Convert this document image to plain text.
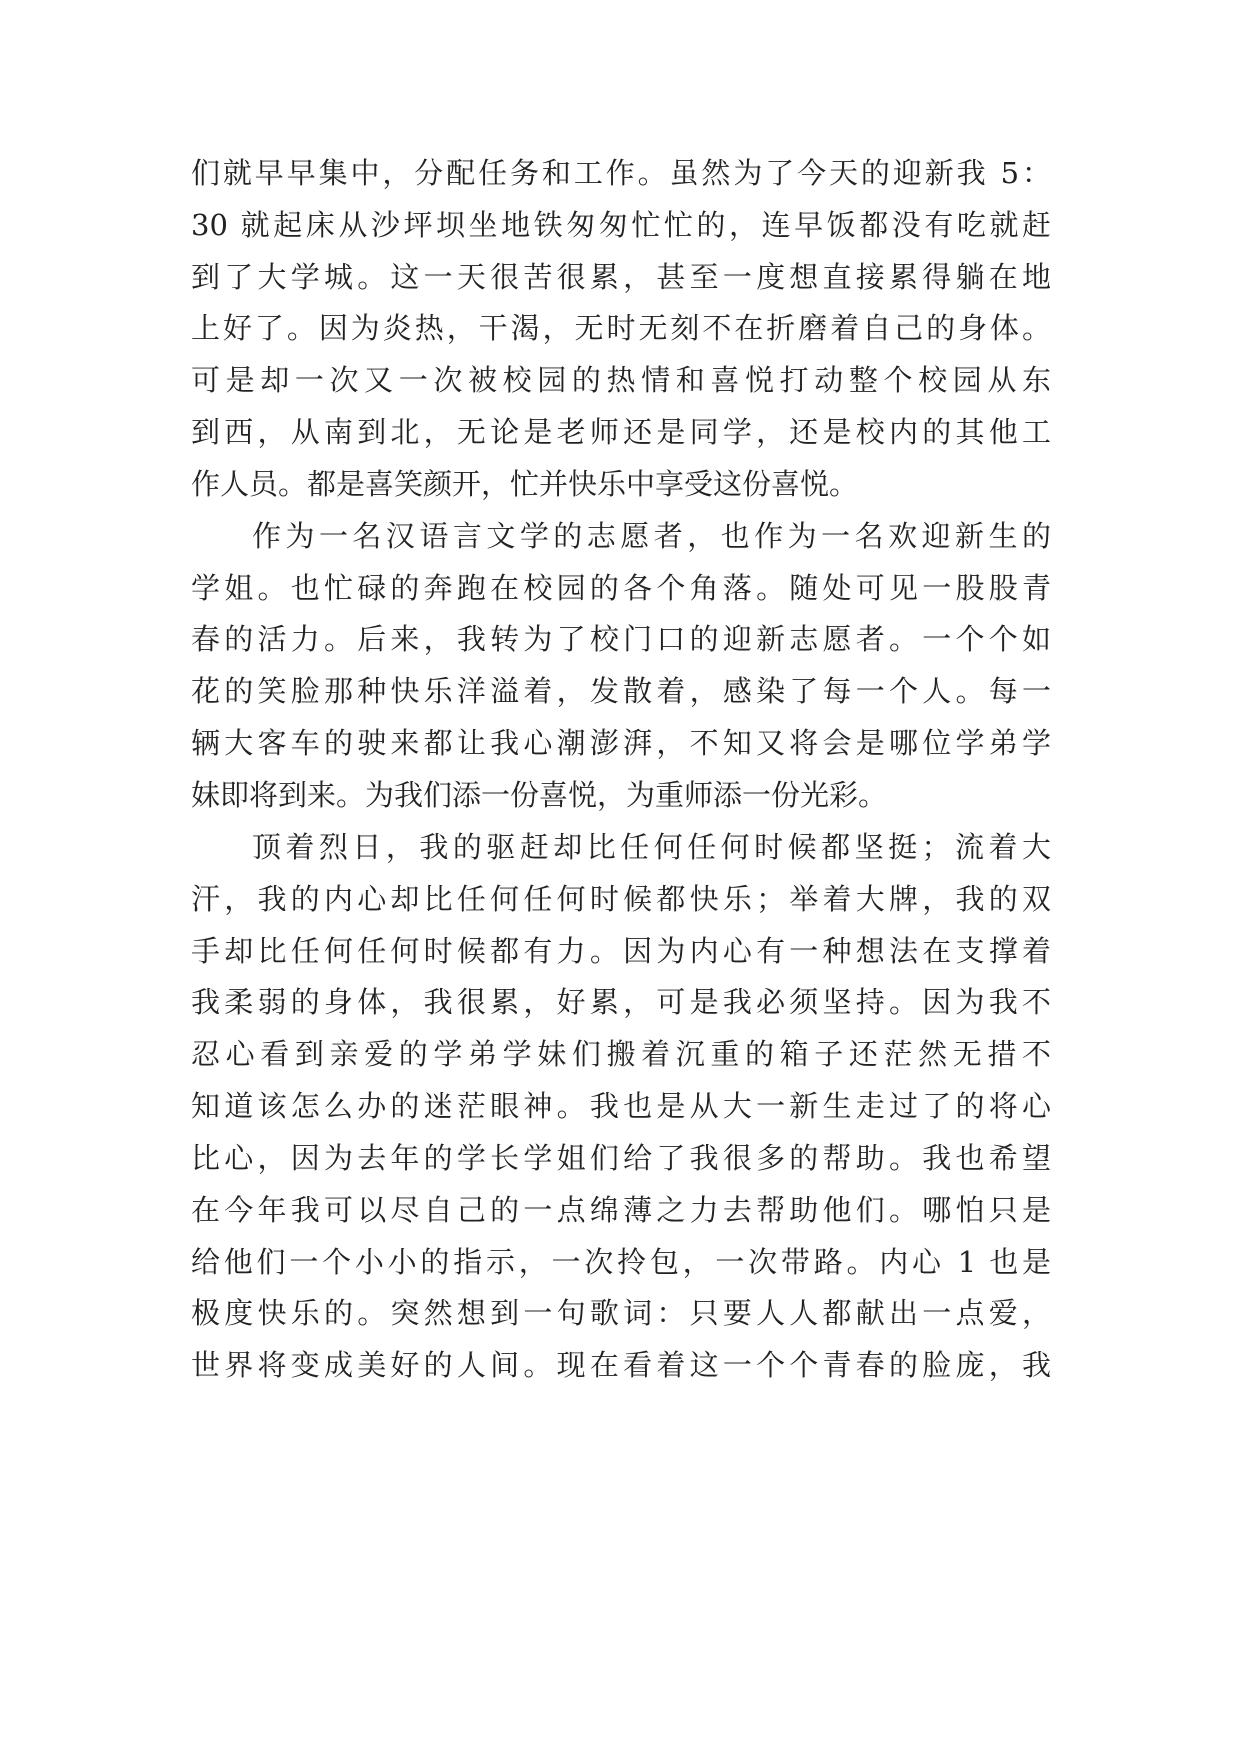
们就早早集中，分配任务和工作。虽然为了今天的迎新我 5：
30 就起床从沙坪坝坐地铁匆匆忙忙的，连早饭都没有吃就赶
到了大学城。这一天很苦很累，甚至一度想直接累得躺在地
上好了。因为炎热，干渴，无时无刻不在折磨着自己的身体。
可是却一次又一次被校园的热情和喜悦打动整个校园从东
到西，从南到北，无论是老师还是同学，还是校内的其他工
作人员。都是喜笑颜开，忙并快乐中享受这份喜悦。
作为一名汉语言文学的志愿者，也作为一名欢迎新生的
学姐。也忙碌的奔跑在校园的各个角落。随处可见一股股青
春的活力。后来，我转为了校门口的迎新志愿者。一个个如
花的笑脸那种快乐洋溢着，发散着，感染了每一个人。每一
辆大客车的驶来都让我心潮澎湃，不知又将会是哪位学弟学
妹即将到来。为我们添一份喜悦，为重师添一份光彩。
顶着烈日，我的驱赶却比任何任何时候都坚挺；流着大
汗，我的内心却比任何任何时候都快乐；举着大牌，我的双
手却比任何任何时候都有力。因为内心有一种想法在支撑着
我柔弱的身体，我很累，好累，可是我必须坚持。因为我不
忍心看到亲爱的学弟学妹们搬着沉重的箱子还茫然无措不
知道该怎么办的迷茫眼神。我也是从大一新生走过了的将心
比心，因为去年的学长学姐们给了我很多的帮助。我也希望
在今年我可以尽自己的一点绵薄之力去帮助他们。哪怕只是
给他们一个小小的指示，一次拎包，一次带路。内心 1 也是
极度快乐的。突然想到一句歌词：只要人人都献出一点爱，
世界将变成美好的人间。现在看着这一个个青春的脸庞，我
